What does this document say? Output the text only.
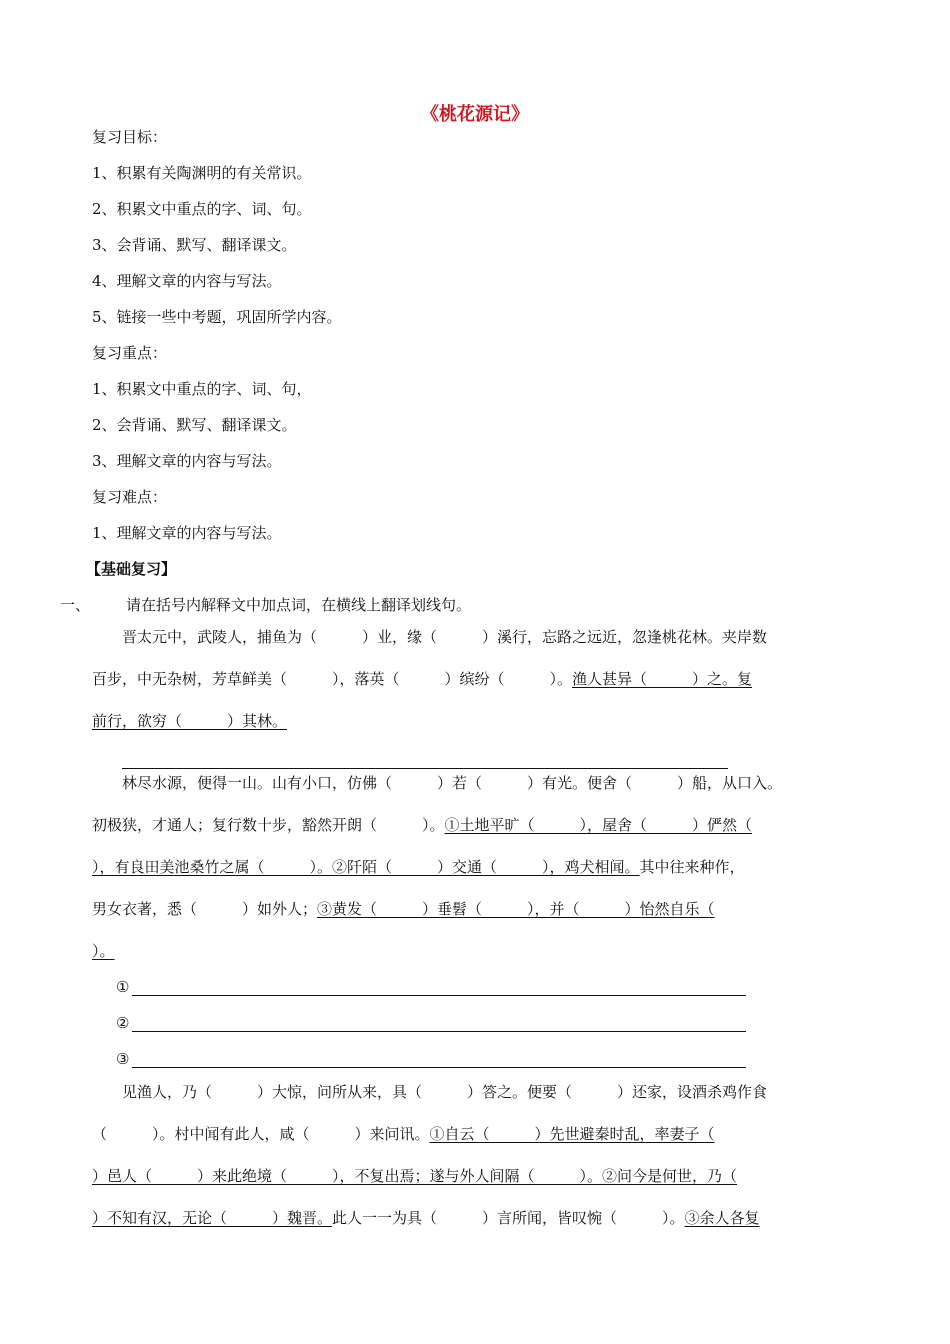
《桃花源记》
复习目标：
1、积累有关陶渊明的有关常识。
2、积累文中重点的字、词、句。
3、会背诵、默写、翻译课文。
4、理解文章的内容与写法。
5、链接一些中考题，巩固所学内容。
复习重点：
1、积累文中重点的字、词、句，
2、会背诵、默写、翻译课文。
3、理解文章的内容与写法。
复习难点：
1、理解文章的内容与写法。
【基础复习】
一、 请在括号内解释文中加点词，在横线上翻译划线句。
晋太元中，武陵人，捕鱼为（　　　）业，缘（　　　）溪行，忘路之远近，忽逢桃花林。夹岸数
百步，中无杂树，芳草鲜美（　　　），落英（　　　）缤纷（　　　）。渔人甚异（　　　）之。复
前行，欲穷（　　　）其林。
林尽水源，便得一山。山有小口，仿佛（　　　）若（　　　）有光。便舍（　　　）船，从口入。
初极狭，才通人；复行数十步，豁然开朗（　　　）。①土地平旷（　　　），屋舍（　　　）俨然（
），有良田美池桑竹之属（　　　）。②阡陌（　　　）交通（　　　），鸡犬相闻。其中往来种作，
男女衣著，悉（　　　）如外人；③黄发（　　　）垂髫（　　　），并（　　　）怡然自乐（
）。
①
②
③
见渔人，乃（　　　）大惊，问所从来，具（　　　）答之。便要（　　　）还家，设酒杀鸡作食
（　　　）。村中闻有此人，咸（　　　）来问讯。①自云（　　　）先世避秦时乱，率妻子（
）邑人（　　　）来此绝境（　　　），不复出焉；遂与外人间隔（　　　）。②问今是何世，乃（
）不知有汉，无论（　　　）魏晋。此人一一为具（　　　）言所闻，皆叹惋（　　　）。③余人各复
